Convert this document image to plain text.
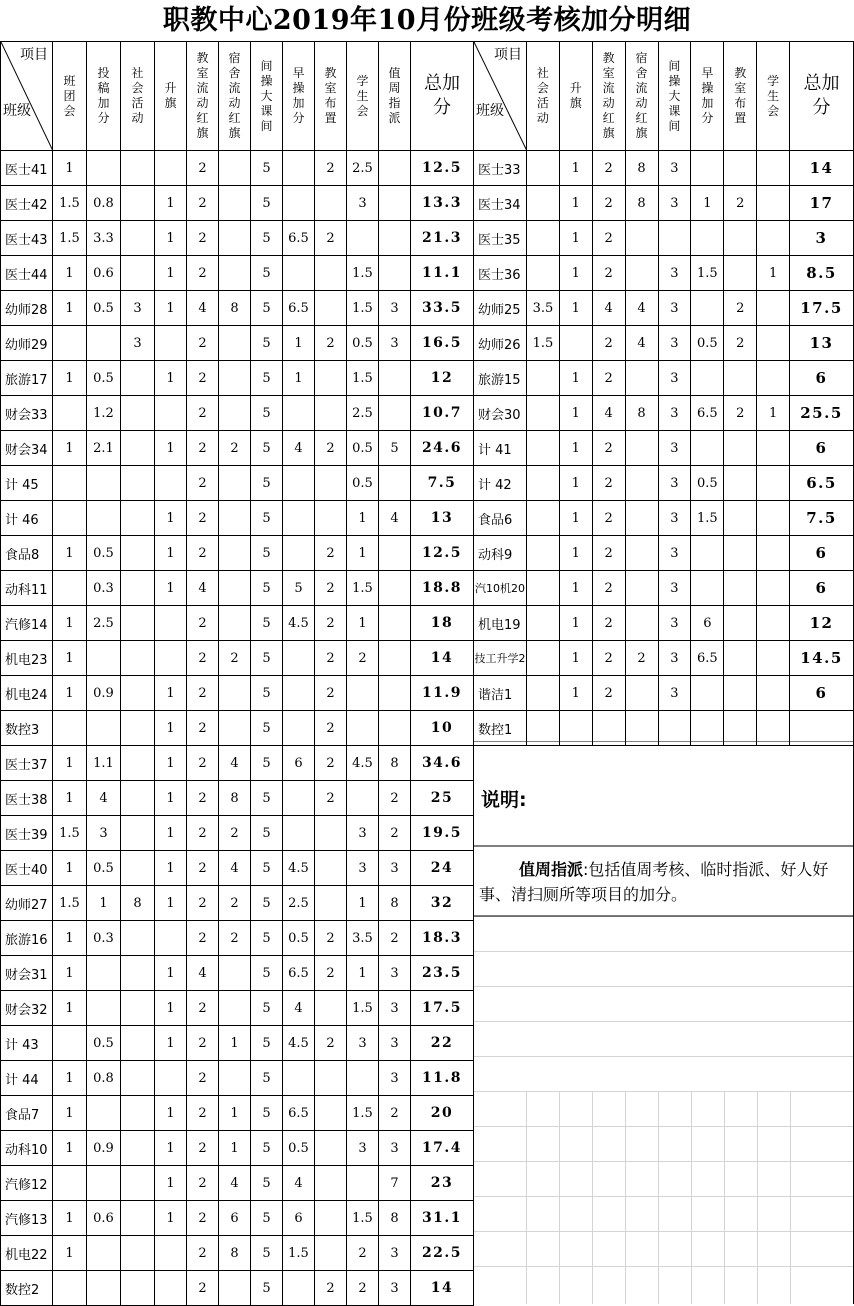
职教中心2019年10月份班级考核加分明细
项目
班级	班团会	投稿加分	社会活动	升旗	教室流动红旗	宿舍流动红旗	间操大课间	早操加分	教室布置	学生会	值周指派	总加分
医士41	1				2		5		2	2.5		12.5
医士42	1.5	0.8		1	2		5			3		13.3
医士43	1.5	3.3		1	2		5	6.5	2			21.3
医士44	1	0.6		1	2		5			1.5		11.1
幼师28	1	0.5	3	1	4	8	5	6.5		1.5	3	33.5
幼师29			3		2		5	1	2	0.5	3	16.5
旅游17	1	0.5		1	2		5	1		1.5		12
财会33		1.2			2		5			2.5		10.7
财会34	1	2.1		1	2	2	5	4	2	0.5	5	24.6
计 45					2		5			0.5		7.5
计 46				1	2		5			1	4	13
食品8	1	0.5		1	2		5		2	1		12.5
动科11		0.3		1	4		5	5	2	1.5		18.8
汽修14	1	2.5			2		5	4.5	2	1		18
机电23	1				2	2	5		2	2		14
机电24	1	0.9		1	2		5		2			11.9
数控3				1	2		5		2			10
医士37	1	1.1		1	2	4	5	6	2	4.5	8	34.6
医士38	1	4		1	2	8	5		2		2	25
医士39	1.5	3		1	2	2	5			3	2	19.5
医士40	1	0.5		1	2	4	5	4.5		3	3	24
幼师27	1.5	1	8	1	2	2	5	2.5		1	8	32
旅游16	1	0.3			2	2	5	0.5	2	3.5	2	18.3
财会31	1			1	4		5	6.5	2	1	3	23.5
财会32	1			1	2		5	4		1.5	3	17.5
计 43		0.5		1	2	1	5	4.5	2	3	3	22
计 44	1	0.8			2		5				3	11.8
食品7	1			1	2	1	5	6.5		1.5	2	20
动科10	1	0.9		1	2	1	5	0.5		3	3	17.4
汽修12				1	2	4	5	4			7	23
汽修13	1	0.6		1	2	6	5	6		1.5	8	31.1
机电22	1				2	8	5	1.5		2	3	22.5
数控2					2		5		2	2	3	14
项目
班级	社会活动	升旗	教室流动红旗	宿舍流动红旗	间操大课间	早操加分	教室布置	学生会	总加分
医士33		1	2	8	3				14
医士34		1	2	8	3	1	2		17
医士35		1	2						3
医士36		1	2		3	1.5		1	8.5
幼师25	3.5	1	4	4	3		2		17.5
幼师26	1.5		2	4	3	0.5	2		13
旅游15		1	2		3				6
财会30		1	4	8	3	6.5	2	1	25.5
计 41		1	2		3				6
计 42		1	2		3	0.5			6.5
食品6		1	2		3	1.5			7.5
动科9		1	2		3				6
汽10机20		1	2		3				6
机电19		1	2		3	6			12
技工升学2		1	2	2	3	6.5			14.5
谐洁1		1	2		3				6
数控1									
说明:
值周指派:包括值周考核、临时指派、好人好事、清扫厕所等项目的加分。
